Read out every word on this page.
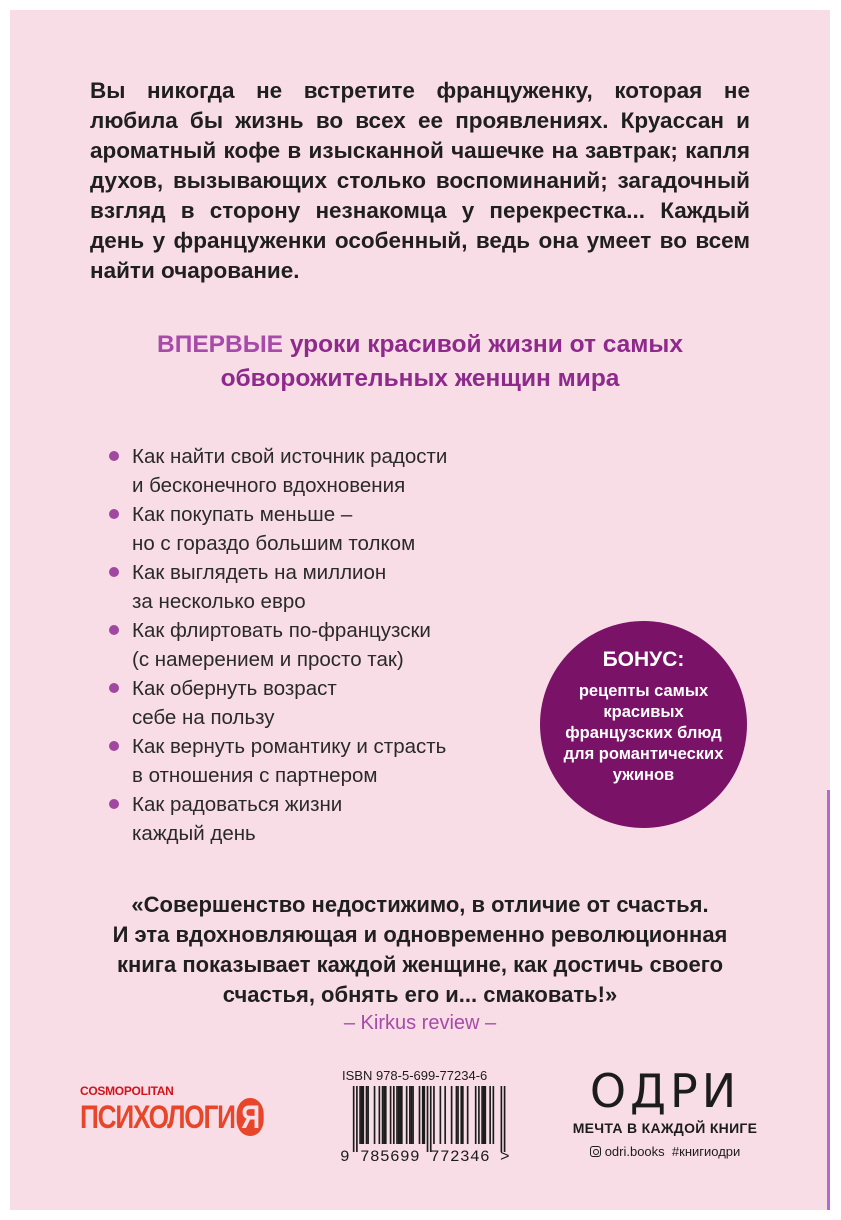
Вы никогда не встретите француженку, которая не любила бы жизнь во всех ее проявлениях. Круассан и ароматный кофе в изысканной чашечке на завтрак; капля духов, вызывающих столько воспоминаний; загадочный взгляд в сторону незнакомца у перекрестка... Каждый день у француженки особенный, ведь она умеет во всем найти очарование.

ВПЕРВЫЕ уроки красивой жизни от самых
обворожительных женщин мира

Как найти свой источник радости
и бесконечного вдохновения
Как покупать меньше –
но с гораздо большим толком
Как выглядеть на миллион
за несколько евро
Как флиртовать по-французски
(с намерением и просто так)
Как обернуть возраст
себе на пользу
Как вернуть романтику и страсть
в отношения с партнером
Как радоваться жизни
каждый день
БОНУС:
рецепты самых красивых французских блюд для романтических ужинов

«Совершенство недостижимо, в отличие от счастья.
И эта вдохновляющая и одновременно революционная
книга показывает каждой женщине, как достичь своего
счастья, обнять его и... смаковать!»

– Kirkus review –
COSMOPOLITAN
ПСИХОЛОГИ Я
ISBN 978-5-699-77234-6
9 785699 772346 >
ОДРИ
МЕЧТА В КАЖДОЙ КНИГЕ
odri.books #книгиодри
